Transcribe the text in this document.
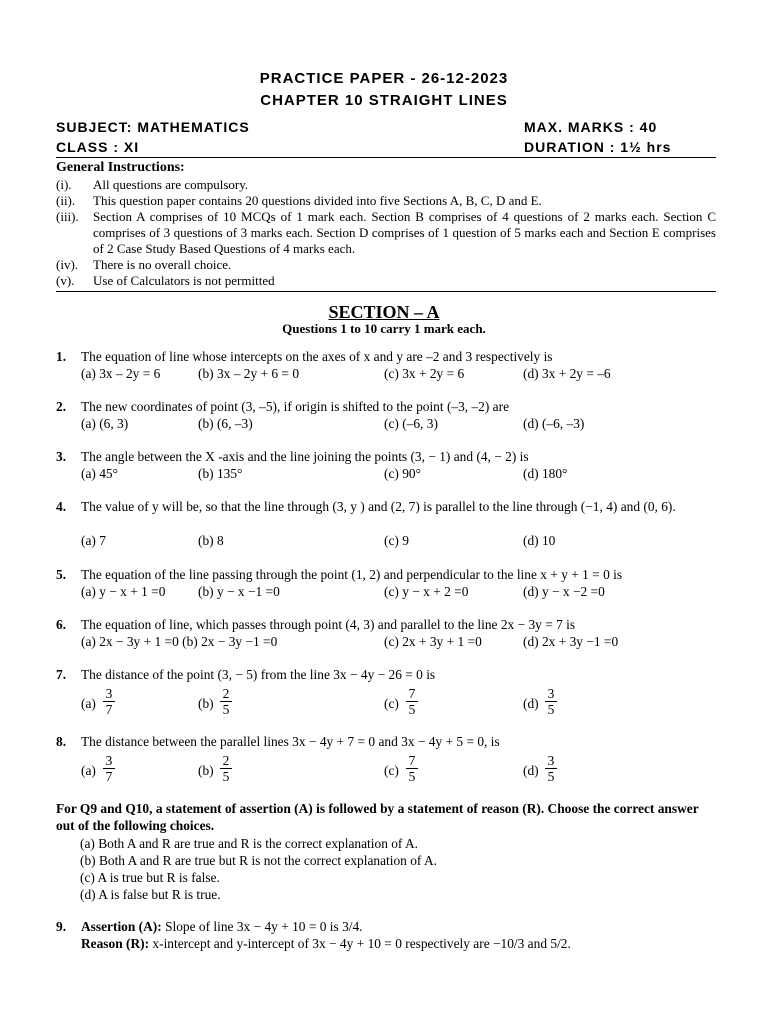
PRACTICE PAPER - 26-12-2023
CHAPTER 10 STRAIGHT LINES
SUBJECT: MATHEMATICS	MAX. MARKS : 40
CLASS : XI	DURATION : 1½ hrs
General Instructions:
(i). All questions are compulsory.
(ii). This question paper contains 20 questions divided into five Sections A, B, C, D and E.
(iii). Section A comprises of 10 MCQs of 1 mark each. Section B comprises of 4 questions of 2 marks each. Section C comprises of 3 questions of 3 marks each. Section D comprises of 1 question of 5 marks each and Section E comprises of 2 Case Study Based Questions of 4 marks each.
(iv). There is no overall choice.
(v). Use of Calculators is not permitted
SECTION – A
Questions 1 to 10 carry 1 mark each.
1. The equation of line whose intercepts on the axes of x and y are –2 and 3 respectively is
(a) 3x – 2y = 6	(b) 3x – 2y + 6 = 0	(c) 3x + 2y = 6	(d) 3x + 2y = –6
2. The new coordinates of point (3, –5), if origin is shifted to the point (–3, –2) are
(a) (6, 3)	(b) (6, –3)	(c) (–6, 3)	(d) (–6, –3)
3. The angle between the X -axis and the line joining the points (3, − 1) and (4, − 2) is
(a) 45°	(b) 135°	(c) 90°	(d) 180°
4. The value of y will be, so that the line through (3, y ) and (2, 7) is parallel to the line through (−1, 4) and (0, 6).
(a) 7	(b) 8	(c) 9	(d) 10
5. The equation of the line passing through the point (1, 2) and perpendicular to the line x + y + 1 = 0 is
(a) y − x + 1 =0 (b) y − x −1 =0	(c) y − x + 2 =0	(d) y − x −2 =0
6. The equation of line, which passes through point (4, 3) and parallel to the line 2x − 3y = 7 is
(a) 2x − 3y + 1 =0 (b) 2x − 3y −1 =0	(c) 2x + 3y + 1 =0	(d) 2x + 3y −1 =0
7. The distance of the point (3, − 5) from the line 3x − 4y − 26 = 0 is
$(a) \frac{3}{7}$	$(b) \frac{2}{5}$	$(c) \frac{7}{5}$	$(d) \frac{3}{5}$
8. The distance between the parallel lines 3x − 4y + 7 = 0 and 3x − 4y + 5 = 0, is
$(a) \frac{3}{7}$	$(b) \frac{2}{5}$	$(c) \frac{7}{5}$	$(d) \frac{3}{5}$
For Q9 and Q10, a statement of assertion (A) is followed by a statement of reason (R). Choose the correct answer out of the following choices.
(a) Both A and R are true and R is the correct explanation of A.
(b) Both A and R are true but R is not the correct explanation of A.
(c) A is true but R is false.
(d) A is false but R is true.
9. Assertion (A): Slope of line 3x − 4y + 10 = 0 is 3/4.
Reason (R): x-intercept and y-intercept of 3x − 4y + 10 = 0 respectively are −10/3 and 5/2.
